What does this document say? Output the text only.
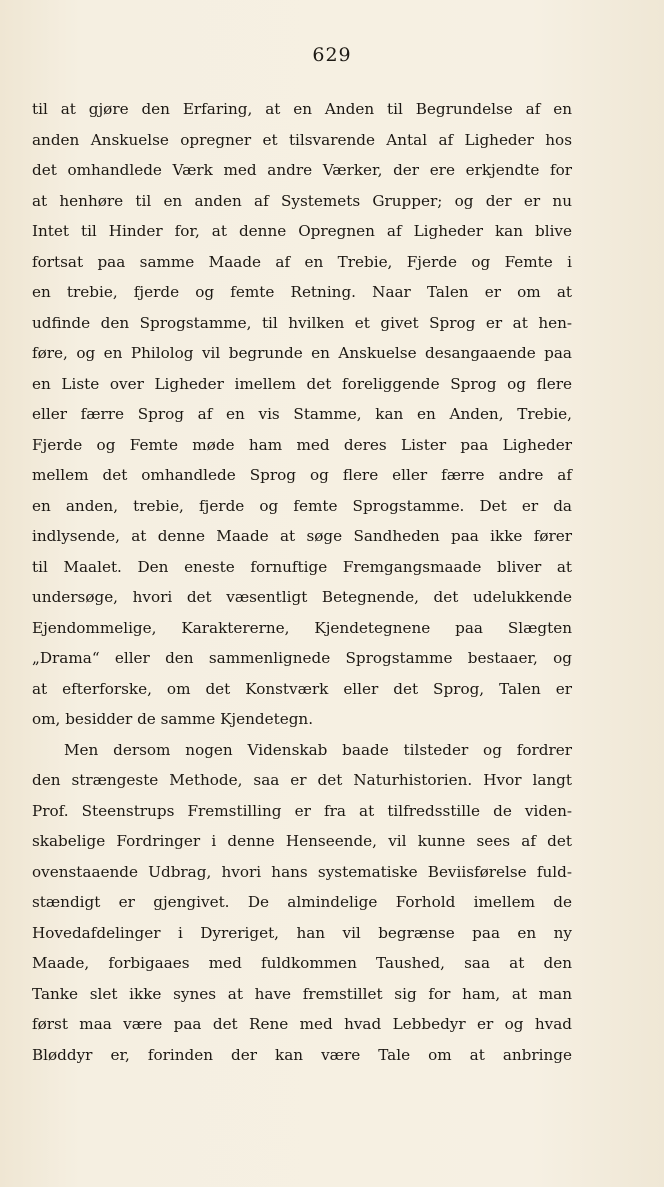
629
til at gjøre den Erfaring, at en Anden til Begrundelse af en
anden Anskuelse opregner et tilsvarende Antal af Ligheder hos
det omhandlede Værk med andre Værker, der ere erkjendte for
at henhøre til en anden af Systemets Grupper; og der er nu
Intet til Hinder for, at denne Opregnen af Ligheder kan blive
fortsat paa samme Maade af en Trebie, Fjerde og Femte i
en trebie, fjerde og femte Retning. Naar Talen er om at
udfinde den Sprogstamme, til hvilken et givet Sprog er at hen-
føre, og en Philolog vil begrunde en Anskuelse desangaaende paa
en Liste over Ligheder imellem det foreliggende Sprog og flere
eller færre Sprog af en vis Stamme, kan en Anden, Trebie,
Fjerde og Femte møde ham med deres Lister paa Ligheder
mellem det omhandlede Sprog og flere eller færre andre af
en anden, trebie, fjerde og femte Sprogstamme. Det er da
indlysende, at denne Maade at søge Sandheden paa ikke fører
til Maalet. Den eneste fornuftige Fremgangsmaade bliver at
undersøge, hvori det væsentligt Betegnende, det udelukkende
Ejendommelige, Karaktererne, Kjendetegnene paa Slægten
„Drama“ eller den sammenlignede Sprogstamme bestaaer, og
at efterforske, om det Konstværk eller det Sprog, Talen er
om, besidder de samme Kjendetegn.
Men dersom nogen Videnskab baade tilsteder og fordrer
den strængeste Methode, saa er det Naturhistorien. Hvor langt
Prof. Steenstrups Fremstilling er fra at tilfredsstille de viden-
skabelige Fordringer i denne Henseende, vil kunne sees af det
ovenstaaende Udbrag, hvori hans systematiske Beviisførelse fuld-
stændigt er gjengivet. De almindelige Forhold imellem de
Hovedafdelinger i Dyreriget, han vil begrænse paa en ny
Maade, forbigaaes med fuldkommen Taushed, saa at den
Tanke slet ikke synes at have fremstillet sig for ham, at man
først maa være paa det Rene med hvad Lebbedyr er og hvad
Bløddyr er, forinden der kan være Tale om at anbringe
